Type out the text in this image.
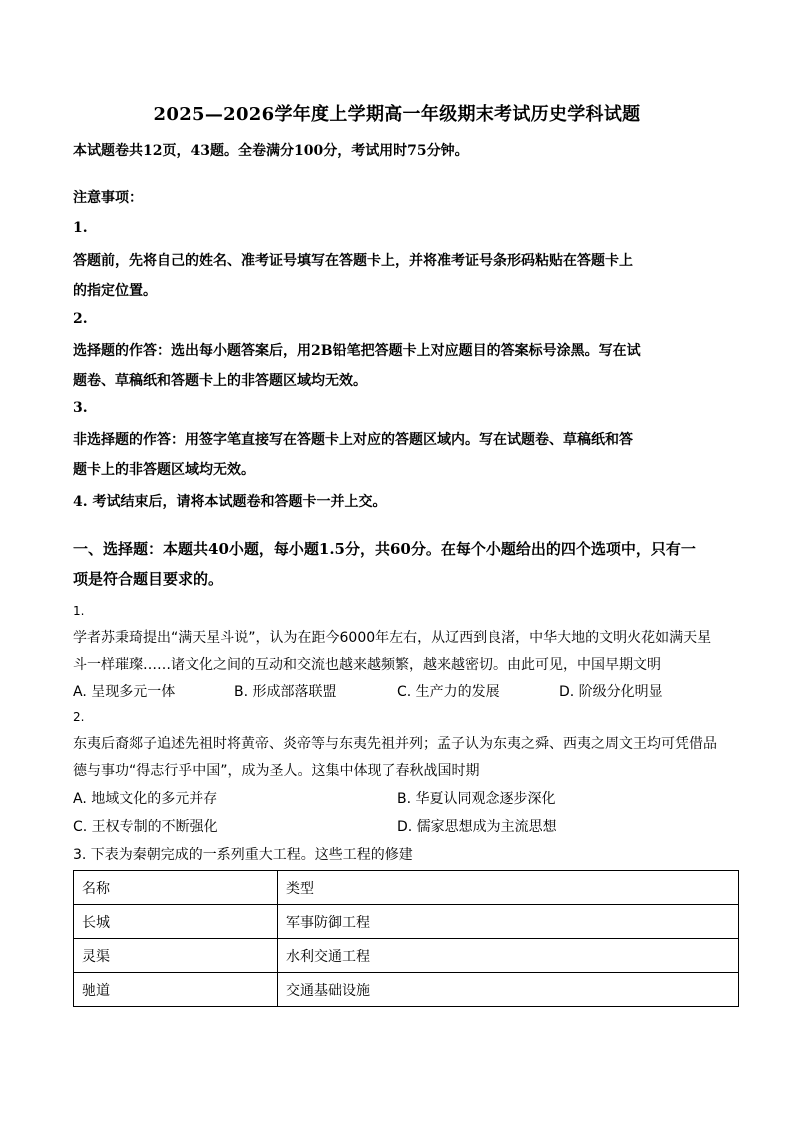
2025—2026学年度上学期高一年级期末考试历史学科试题
本试题卷共12页，43题。全卷满分100分，考试用时75分钟。
注意事项：
1.
答题前，先将自己的姓名、准考证号填写在答题卡上，并将准考证号条形码粘贴在答题卡上
的指定位置。
2.
选择题的作答：选出每小题答案后，用2B铅笔把答题卡上对应题目的答案标号涂黑。写在试
题卷、草稿纸和答题卡上的非答题区域均无效。
3.
非选择题的作答：用签字笔直接写在答题卡上对应的答题区域内。写在试题卷、草稿纸和答
题卡上的非答题区域均无效。
4. 考试结束后，请将本试题卷和答题卡一并上交。
一、选择题：本题共40小题，每小题1.5分，共60分。在每个小题给出的四个选项中，只有一
项是符合题目要求的。
1.
学者苏秉琦提出“满天星斗说”，认为在距今6000年左右，从辽西到良渚，中华大地的文明火花如满天星
斗一样璀璨……诸文化之间的互动和交流也越来越频繁，越来越密切。由此可见，中国早期文明
A. 呈现多元一体	B. 形成部落联盟	C. 生产力的发展	D. 阶级分化明显
2.
东夷后裔郯子追述先祖时将黄帝、炎帝等与东夷先祖并列；孟子认为东夷之舜、西夷之周文王均可凭借品
德与事功“得志行乎中国”，成为圣人。这集中体现了春秋战国时期
A. 地域文化的多元并存	B. 华夏认同观念逐步深化
C. 王权专制的不断强化	D. 儒家思想成为主流思想
3. 下表为秦朝完成的一系列重大工程。这些工程的修建
名称	类型
长城	军事防御工程
灵渠	水利交通工程
驰道	交通基础设施
